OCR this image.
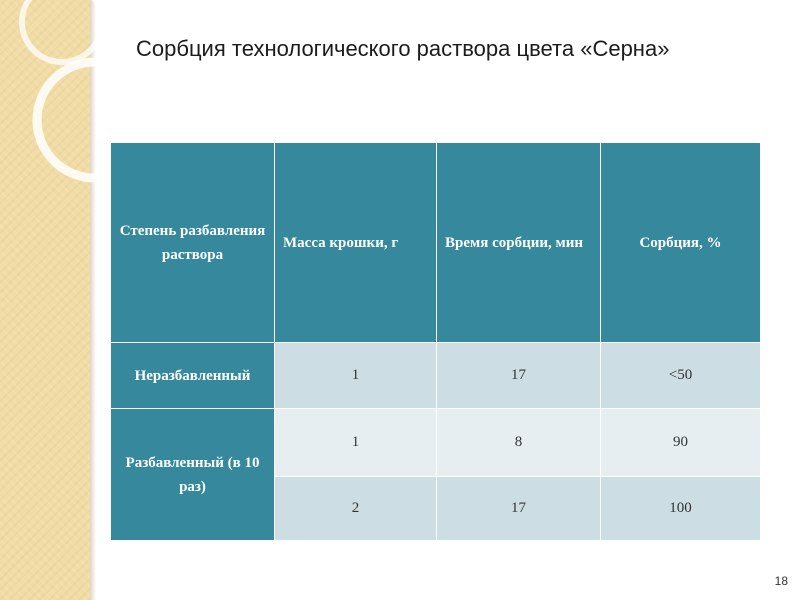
Сорбция технологического раствора цвета «Серна»
Степень разбавления раствора	Масса крошки, г	Время сорбции, мин	Сорбция, %
Неразбавленный	1	17	<50
Разбавленный (в 10 раз)	1	8	90
	2	17	100
18
